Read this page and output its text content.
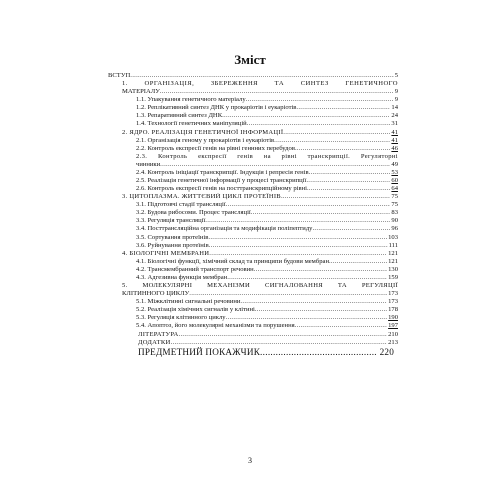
Зміст
ВСТУП .....	5
1.	ОРГАНІЗАЦІЯ,	ЗБЕРЕЖЕННЯ	ТА	СИНТЕЗ	ГЕНЕТИЧНОГО
МАТЕРІАЛУ .....	9
1.1. Упакування генетичного матеріалу .....	9
1.2. Реплікативний синтез ДНК у прокаріотів і еукаріотів .....	14
1.3. Репаративний синтез ДНК .....	24
1.4. Технології генетичних маніпуляцій .....	31
2. ЯДРО. РЕАЛІЗАЦІЯ ГЕНЕТИЧНОЇ ІНФОРМАЦІЇ .....	41
2.1. Організація геному у прокаріотів і еукаріотів .....	41
2.2. Контроль експресії генів на рівні геннних перебудов .....	46
2.3. Контроль експресії генів на рівні транскрипції. Регуляторні
чинники .....	49
2.4. Контроль ініціації транскрипції. Індукція і репресія генів .....	53
2.5. Реалізація генетичної інформації у процесі транскрипції .....	60
2.6. Контроль експресії генів на посттранскрипційному рівні .....	64
3. ЦИТОПЛАЗМА. ЖИТТЄВИЙ ЦИКЛ ПРОТЕЇНІВ .....	75
3.1. Підготовчі стадії трансляції .....	75
3.2. Будова рибосоми. Процес трансляції .....	83
3.3. Регуляція трансляції .....	90
3.4. Посттрансляційна організація та модифікація поліпептиду .....	96
3.5. Сортування протеїнів .....	103
3.6. Руйнування протеїнів .....	111
4. БІОЛОГІЧНІ МЕМБРАНИ .....	121
4.1. Біологічні функції, хімічний склад та принципи будови мембран .....	121
4.2. Трансмембранний транспорт речовин .....	130
4.3. Адгезивна функція мембран .....	159
5. МОЛЕКУЛЯРНІ МЕХАНІЗМИ СИГНАЛОВАННЯ ТА РЕГУЛЯЦІЇ
КЛІТИННОГО ЦИКЛУ .....	173
5.1. Міжклітинні сигнальні речовини .....	173
5.2. Реалізація хімічних сигналів у клітині .....	178
5.3. Регуляція клітинного циклу .....	190
5.4. Апоптоз, його молекулярні механізми та порушення .....	197
ЛІТЕРАТУРА .....	210
ДОДАТКИ .....	213
ПРЕДМЕТНИЙ ПОКАЖЧИК .....	220
3
